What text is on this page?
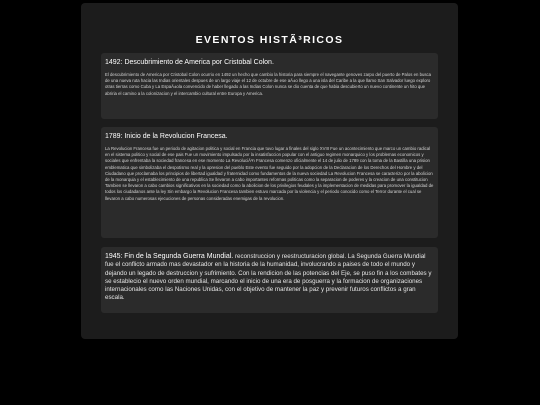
EVENTOS HISTÃ³RICOS
1492: Descubrimiento de America por Cristobal Colon.

El descubrimiento de America por Cristobal Colon ocurrio en 1492 un hecho que cambio la historia para siempre el navegante genoves zarpo del puerto de Palos en busca de una nueva ruta hacia las Indias orientales despues de un largo viaje el 12 de octubre de ese aÃ±o llego a una isla del Caribe a la que llamo San Salvador luego exploro otras tierras como Cuba y La EspaÃ±ola convencido de haber llegado a las Indias Colon nunca se dio cuenta de que habia descubierto un nuevo continente un hito que abriria el camino a la colonizacion y el intercambio cultural entre Europa y America.

1789: Inicio de la Revolucion Francesa.

La Revolucion Francesa fue un periodo de agitacion politica y social en Francia que tuvo lugar a finales del siglo XVIII Fue un acontecimiento que marco un cambio radical en el sistema politico y social de ese pais Fue un movimiento impulsado por la insatisfaccion popular con el antiguo regimen monarquico y los problemas economicos y sociales que enfrentaba la sociedad francesa en ese momento La RevoluciÃ³n Francesa comenzo oficialmente el 14 de julio de 1789 con la toma de la Bastilla una prision emblematica que simbolizaba el despotismo real y la opresion del pueblo Este evento fue seguido por la adopcion de la Declaracion de los Derechos del Hombre y del Ciudadano que proclamaba los principios de libertad igualdad y fraternidad como fundamentos de la nueva sociedad La Revolucion Francesa se caracterizo por la abolicion de la monarquia y el establecimiento de una republica Se llevaron a cabo importantes reformas politicas como la separacion de poderes y la creacion de una constitucion Tambien se llevaron a cabo cambios significativos en la sociedad como la abolicion de los privilegios feudales y la implementacion de medidas para promover la igualdad de todos los ciudadanos ante la ley Sin embargo la Revolucion Francesa tambien estuvo marcada por la violencia y el periodo conocido como el Terror durante el cual se llevaron a cabo numerosas ejecuciones de personas consideradas enemigas de la revolucion.

1945: Fin de la Segunda Guerra Mundial. reconstruccion y reestructuracion global. La Segunda Guerra Mundial fue el conflicto armado mas devastador en la historia de la humanidad, involucrando a paises de todo el mundo y dejando un legado de destruccion y sufrimiento. Con la rendicion de las potencias del Eje, se puso fin a los combates y se establecio el nuevo orden mundial, marcando el inicio de una era de posguerra y la formacion de organizaciones internacionales como las Naciones Unidas, con el objetivo de mantener la paz y prevenir futuros conflictos a gran escala.
